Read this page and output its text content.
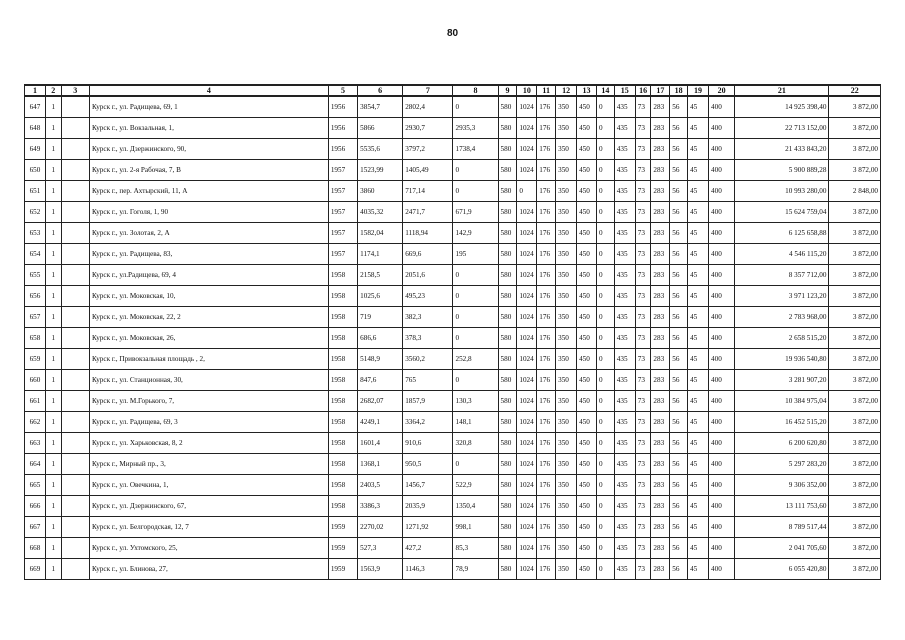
80
1	2	3	4	5	6	7	8	9	10	11	12	13	14	15	16	17	18	19	20	21	22
647	1		Курск г., ул. Радищева, 69, 1	1956	3854,7	2802,4	0	580	1024	176	350	450	0	435	73	283	56	45	400	14 925 398,40	3 872,00
648	1		Курск г., ул. Вокзальная, 1,	1956	5866	2930,7	2935,3	580	1024	176	350	450	0	435	73	283	56	45	400	22 713 152,00	3 872,00
649	1		Курск г., ул. Дзержинского, 90,	1956	5535,6	3797,2	1738,4	580	1024	176	350	450	0	435	73	283	56	45	400	21 433 843,20	3 872,00
650	1		Курск г., ул. 2-я Рабочая, 7, В	1957	1523,99	1405,49	0	580	1024	176	350	450	0	435	73	283	56	45	400	5 900 889,28	3 872,00
651	1		Курск г., пер. Ахтырский, 11, А	1957	3860	717,14	0	580	0	176	350	450	0	435	73	283	56	45	400	10 993 280,00	2 848,00
652	1		Курск г., ул. Гоголя, 1, 90	1957	4035,32	2471,7	671,9	580	1024	176	350	450	0	435	73	283	56	45	400	15 624 759,04	3 872,00
653	1		Курск г., ул. Золотая, 2, А	1957	1582,04	1118,94	142,9	580	1024	176	350	450	0	435	73	283	56	45	400	6 125 658,88	3 872,00
654	1		Курск г., ул. Радищева, 83,	1957	1174,1	669,6	195	580	1024	176	350	450	0	435	73	283	56	45	400	4 546 115,20	3 872,00
655	1		Курск г., ул.Радищева, 69, 4	1958	2158,5	2051,6	0	580	1024	176	350	450	0	435	73	283	56	45	400	8 357 712,00	3 872,00
656	1		Курск г., ул. Моковская, 10,	1958	1025,6	495,23	0	580	1024	176	350	450	0	435	73	283	56	45	400	3 971 123,20	3 872,00
657	1		Курск г., ул. Моковская, 22, 2	1958	719	382,3	0	580	1024	176	350	450	0	435	73	283	56	45	400	2 783 968,00	3 872,00
658	1		Курск г., ул. Моковская, 26,	1958	686,6	378,3	0	580	1024	176	350	450	0	435	73	283	56	45	400	2 658 515,20	3 872,00
659	1		Курск г., Привокзальная площадь , 2,	1958	5148,9	3560,2	252,8	580	1024	176	350	450	0	435	73	283	56	45	400	19 936 540,80	3 872,00
660	1		Курск г., ул. Станционная, 30,	1958	847,6	765	0	580	1024	176	350	450	0	435	73	283	56	45	400	3 281 907,20	3 872,00
661	1		Курск г., ул. М.Горького, 7,	1958	2682,07	1857,9	130,3	580	1024	176	350	450	0	435	73	283	56	45	400	10 384 975,04	3 872,00
662	1		Курск г., ул. Радищева, 69, 3	1958	4249,1	3364,2	148,1	580	1024	176	350	450	0	435	73	283	56	45	400	16 452 515,20	3 872,00
663	1		Курск г., ул. Харьковская, 8, 2	1958	1601,4	910,6	320,8	580	1024	176	350	450	0	435	73	283	56	45	400	6 200 620,80	3 872,00
664	1		Курск г., Мирный пр., 3,	1958	1368,1	950,5	0	580	1024	176	350	450	0	435	73	283	56	45	400	5 297 283,20	3 872,00
665	1		Курск г., ул. Овечкина, 1,	1958	2403,5	1456,7	522,9	580	1024	176	350	450	0	435	73	283	56	45	400	9 306 352,00	3 872,00
666	1		Курск г., ул. Дзержинского, 67,	1958	3386,3	2035,9	1350,4	580	1024	176	350	450	0	435	73	283	56	45	400	13 111 753,60	3 872,00
667	1		Курск г., ул. Белгородская, 12, 7	1959	2270,02	1271,92	998,1	580	1024	176	350	450	0	435	73	283	56	45	400	8 789 517,44	3 872,00
668	1		Курск г., ул. Ухтомского, 25,	1959	527,3	427,2	85,3	580	1024	176	350	450	0	435	73	283	56	45	400	2 041 705,60	3 872,00
669	1		Курск г., ул. Блинова, 27,	1959	1563,9	1146,3	78,9	580	1024	176	350	450	0	435	73	283	56	45	400	6 055 420,80	3 872,00
